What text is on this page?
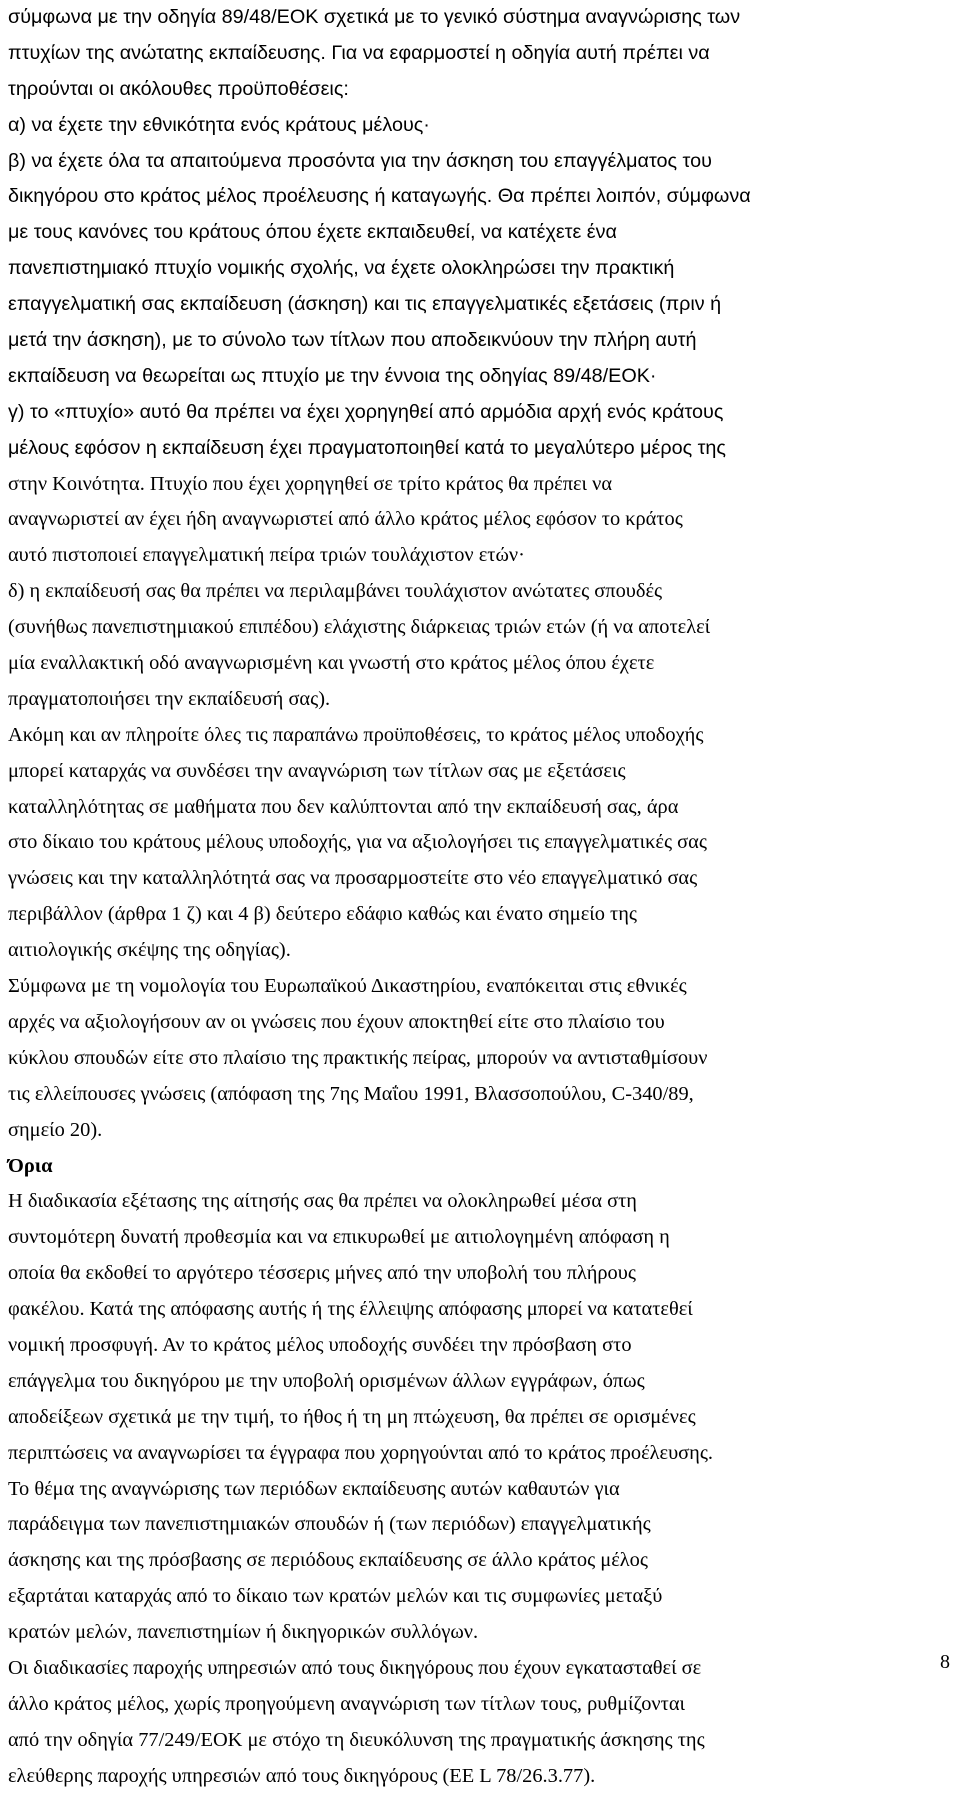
σύμφωνα με την οδηγία 89/48/ΕΟΚ σχετικά με το γενικό σύστημα αναγνώρισης των
πτυχίων της ανώτατης εκπαίδευσης. Για να εφαρμοστεί η οδηγία αυτή πρέπει να
τηρούνται οι ακόλουθες προϋποθέσεις:
α) να έχετε την εθνικότητα ενός κράτους μέλους·
β) να έχετε όλα τα απαιτούμενα προσόντα για την άσκηση του επαγγέλματος του
δικηγόρου στο κράτος μέλος προέλευσης ή καταγωγής. Θα πρέπει λοιπόν, σύμφωνα
με τους κανόνες του κράτους όπου έχετε εκπαιδευθεί, να κατέχετε ένα
πανεπιστημιακό πτυχίο νομικής σχολής, να έχετε ολοκληρώσει την πρακτική
επαγγελματική σας εκπαίδευση (άσκηση) και τις επαγγελματικές εξετάσεις (πριν ή
μετά την άσκηση), με το σύνολο των τίτλων που αποδεικνύουν την πλήρη αυτή
εκπαίδευση να θεωρείται ως πτυχίο με την έννοια της οδηγίας 89/48/ΕΟΚ·
γ) το «πτυχίο» αυτό θα πρέπει να έχει χορηγηθεί από αρμόδια αρχή ενός κράτους
μέλους εφόσον η εκπαίδευση έχει πραγματοποιηθεί κατά το μεγαλύτερο μέρος της
στην Κοινότητα. Πτυχίο που έχει χορηγηθεί σε τρίτο κράτος θα πρέπει να
αναγνωριστεί αν έχει ήδη αναγνωριστεί από άλλο κράτος μέλος εφόσον το κράτος
αυτό πιστοποιεί επαγγελματική πείρα τριών τουλάχιστον ετών·
δ) η εκπαίδευσή σας θα πρέπει να περιλαμβάνει τουλάχιστον ανώτατες σπουδές
(συνήθως πανεπιστημιακού επιπέδου) ελάχιστης διάρκειας τριών ετών (ή να αποτελεί
μία εναλλακτική οδό αναγνωρισμένη και γνωστή στο κράτος μέλος όπου έχετε
πραγματοποιήσει την εκπαίδευσή σας).
Ακόμη και αν πληροίτε όλες τις παραπάνω προϋποθέσεις, το κράτος μέλος υποδοχής
μπορεί καταρχάς να συνδέσει την αναγνώριση των τίτλων σας με εξετάσεις
καταλληλότητας σε μαθήματα που δεν καλύπτονται από την εκπαίδευσή σας, άρα
στο δίκαιο του κράτους μέλους υποδοχής, για να αξιολογήσει τις επαγγελματικές σας
γνώσεις και την καταλληλότητά σας να προσαρμοστείτε στο νέο επαγγελματικό σας
περιβάλλον (άρθρα 1 ζ) και 4 β) δεύτερο εδάφιο καθώς και ένατο σημείο της
αιτιολογικής σκέψης της οδηγίας).
Σύμφωνα με τη νομολογία του Ευρωπαϊκού Δικαστηρίου, εναπόκειται στις εθνικές
αρχές να αξιολογήσουν αν οι γνώσεις που έχουν αποκτηθεί είτε στο πλαίσιο του
κύκλου σπουδών είτε στο πλαίσιο της πρακτικής πείρας, μπορούν να αντισταθμίσουν
τις ελλείπουσες γνώσεις (απόφαση της 7ης Μαΐου 1991, Βλασσοπούλου, C-340/89,
σημείο 20).
Όρια
Η διαδικασία εξέτασης της αίτησής σας θα πρέπει να ολοκληρωθεί μέσα στη
συντομότερη δυνατή προθεσμία και να επικυρωθεί με αιτιολογημένη απόφαση η
οποία θα εκδοθεί το αργότερο τέσσερις μήνες από την υποβολή του πλήρους
φακέλου. Κατά της απόφασης αυτής ή της έλλειψης απόφασης μπορεί να κατατεθεί
νομική προσφυγή. Αν το κράτος μέλος υποδοχής συνδέει την πρόσβαση στο
επάγγελμα του δικηγόρου με την υποβολή ορισμένων άλλων εγγράφων, όπως
αποδείξεων σχετικά με την τιμή, το ήθος ή τη μη πτώχευση, θα πρέπει σε ορισμένες
περιπτώσεις να αναγνωρίσει τα έγγραφα που χορηγούνται από το κράτος προέλευσης.
Το θέμα της αναγνώρισης των περιόδων εκπαίδευσης αυτών καθαυτών για
παράδειγμα των πανεπιστημιακών σπουδών ή (των περιόδων) επαγγελματικής
άσκησης και της πρόσβασης σε περιόδους εκπαίδευσης σε άλλο κράτος μέλος
εξαρτάται καταρχάς από το δίκαιο των κρατών μελών και τις συμφωνίες μεταξύ
κρατών μελών, πανεπιστημίων ή δικηγορικών συλλόγων.
Οι διαδικασίες παροχής υπηρεσιών από τους δικηγόρους που έχουν εγκατασταθεί σε
άλλο κράτος μέλος, χωρίς προηγούμενη αναγνώριση των τίτλων τους, ρυθμίζονται
από την οδηγία 77/249/ΕΟΚ με στόχο τη διευκόλυνση της πραγματικής άσκησης της
ελεύθερης παροχής υπηρεσιών από τους δικηγόρους (EE L 78/26.3.77).
8
